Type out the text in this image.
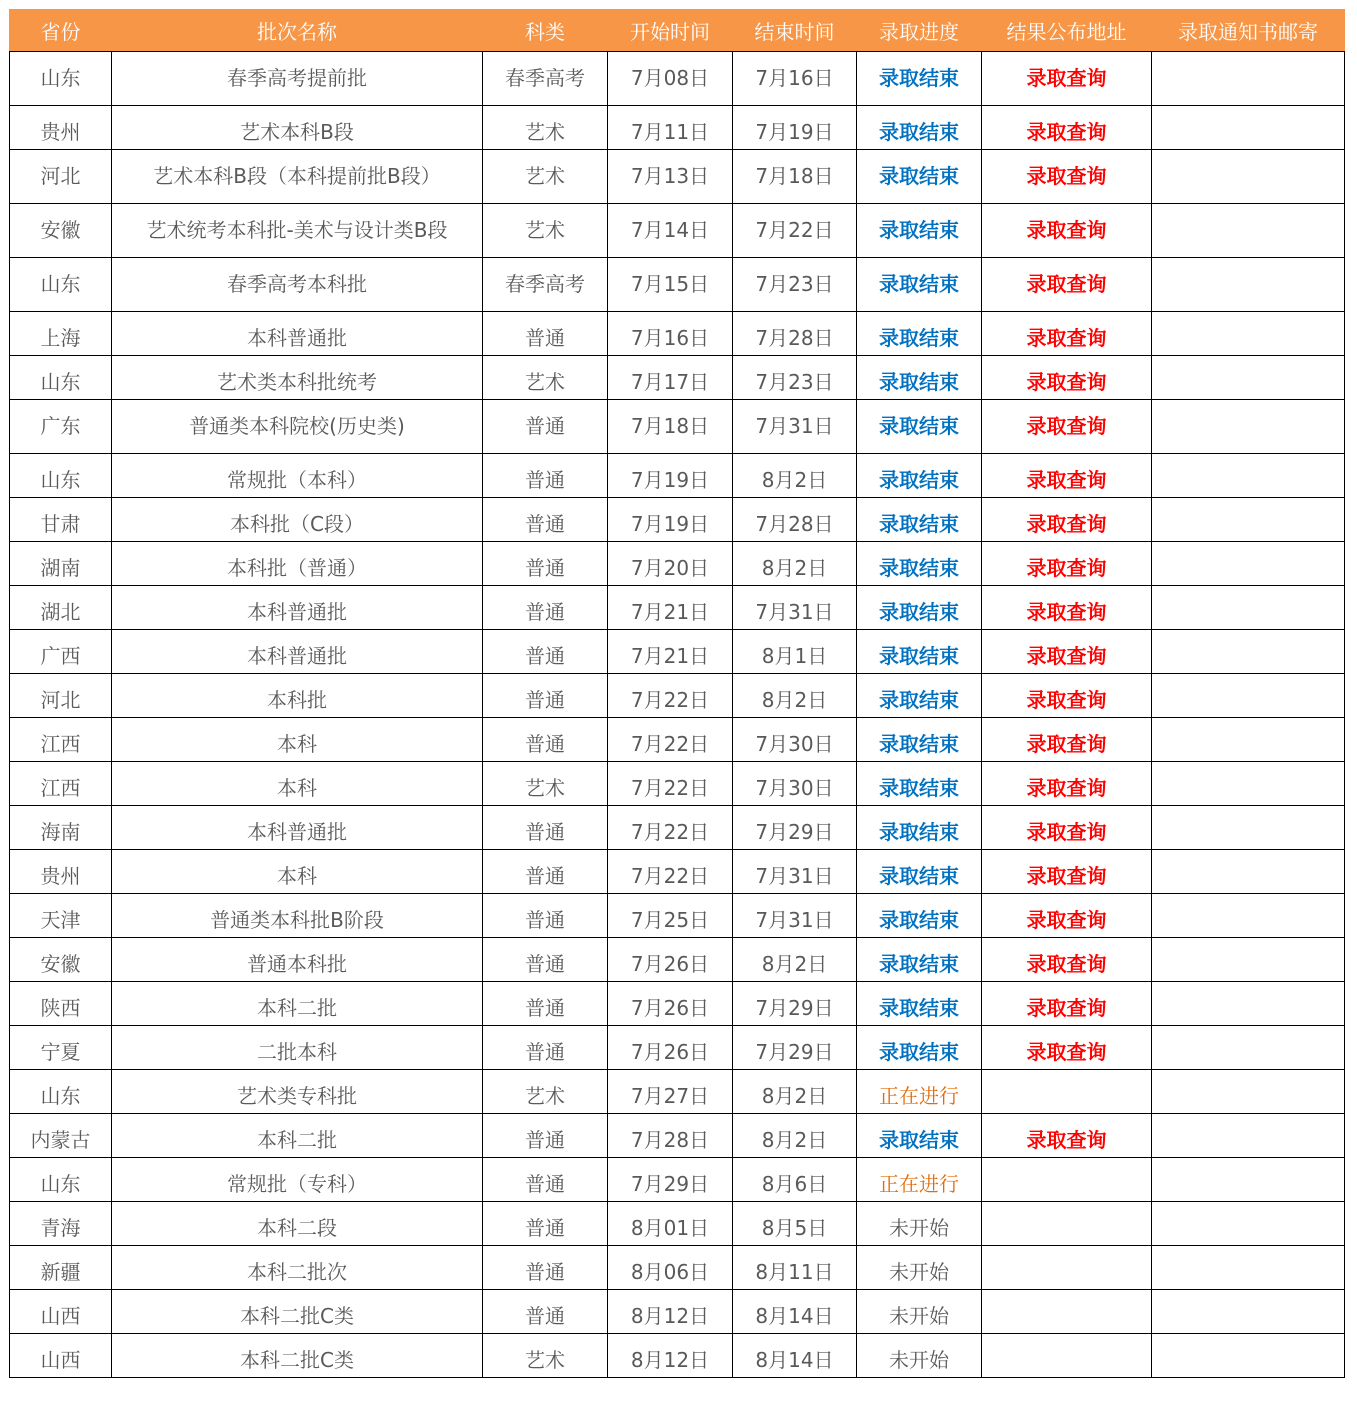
省份	批次名称	科类	开始时间	结束时间	录取进度	结果公布地址	录取通知书邮寄
山东	春季高考提前批	春季高考	7月08日	7月16日	录取结束	录取查询	
贵州	艺术本科B段	艺术	7月11日	7月19日	录取结束	录取查询	
河北	艺术本科B段（本科提前批B段）	艺术	7月13日	7月18日	录取结束	录取查询	
安徽	艺术统考本科批-美术与设计类B段	艺术	7月14日	7月22日	录取结束	录取查询	
山东	春季高考本科批	春季高考	7月15日	7月23日	录取结束	录取查询	
上海	本科普通批	普通	7月16日	7月28日	录取结束	录取查询	
山东	艺术类本科批统考	艺术	7月17日	7月23日	录取结束	录取查询	
广东	普通类本科院校(历史类)	普通	7月18日	7月31日	录取结束	录取查询	
山东	常规批（本科）	普通	7月19日	8月2日	录取结束	录取查询	
甘肃	本科批（C段）	普通	7月19日	7月28日	录取结束	录取查询	
湖南	本科批（普通）	普通	7月20日	8月2日	录取结束	录取查询	
湖北	本科普通批	普通	7月21日	7月31日	录取结束	录取查询	
广西	本科普通批	普通	7月21日	8月1日	录取结束	录取查询	
河北	本科批	普通	7月22日	8月2日	录取结束	录取查询	
江西	本科	普通	7月22日	7月30日	录取结束	录取查询	
江西	本科	艺术	7月22日	7月30日	录取结束	录取查询	
海南	本科普通批	普通	7月22日	7月29日	录取结束	录取查询	
贵州	本科	普通	7月22日	7月31日	录取结束	录取查询	
天津	普通类本科批B阶段	普通	7月25日	7月31日	录取结束	录取查询	
安徽	普通本科批	普通	7月26日	8月2日	录取结束	录取查询	
陕西	本科二批	普通	7月26日	7月29日	录取结束	录取查询	
宁夏	二批本科	普通	7月26日	7月29日	录取结束	录取查询	
山东	艺术类专科批	艺术	7月27日	8月2日	正在进行		
内蒙古	本科二批	普通	7月28日	8月2日	录取结束	录取查询	
山东	常规批（专科）	普通	7月29日	8月6日	正在进行		
青海	本科二段	普通	8月01日	8月5日	未开始		
新疆	本科二批次	普通	8月06日	8月11日	未开始		
山西	本科二批C类	普通	8月12日	8月14日	未开始		
山西	本科二批C类	艺术	8月12日	8月14日	未开始		
